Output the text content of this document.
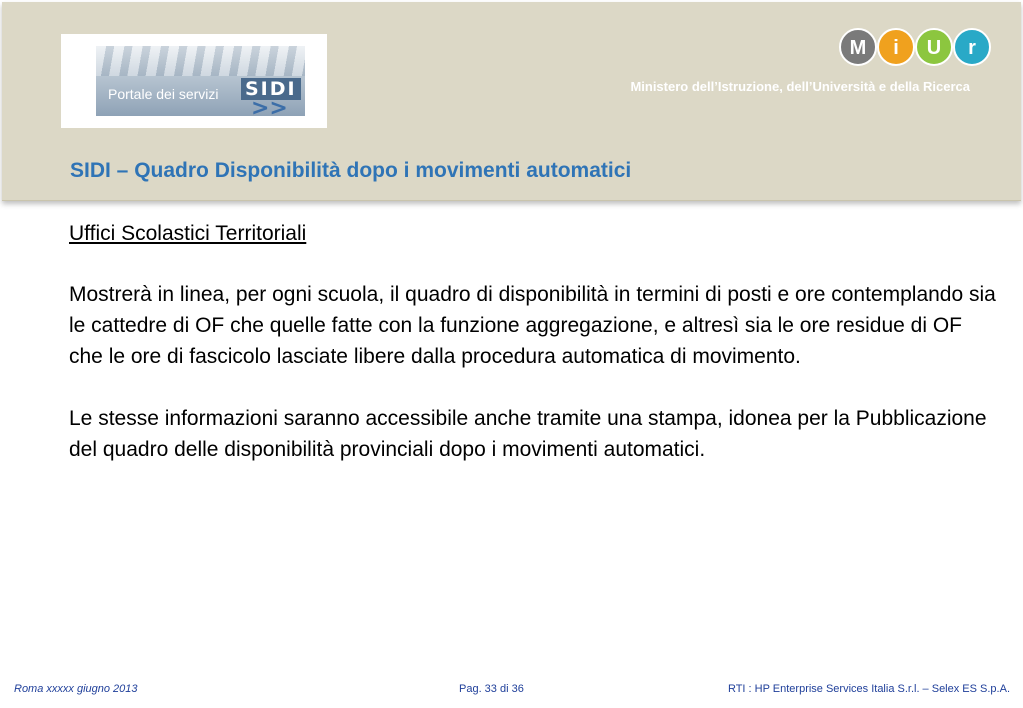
Portale dei servizi SIDI
>>
M i U r
Ministero dell’Istruzione, dell’Università e della Ricerca
SIDI – Quadro Disponibilità dopo i movimenti automatici

Uffici Scolastici Territoriali

Mostrerà in linea, per ogni scuola, il quadro di disponibilità in termini di posti e ore contemplando sia le cattedre di OF che quelle fatte con la funzione aggregazione, e altresì sia le ore residue di OF che le ore di fascicolo lasciate libere dalla procedura automatica di movimento.

Le stesse informazioni saranno accessibile anche tramite una stampa, idonea per la Pubblicazione del quadro delle disponibilità provinciali dopo i movimenti automatici.

Roma xxxxx giugno 2013	Pag. 33 di 36	RTI : HP Enterprise Services Italia S.r.l. – Selex ES S.p.A.
